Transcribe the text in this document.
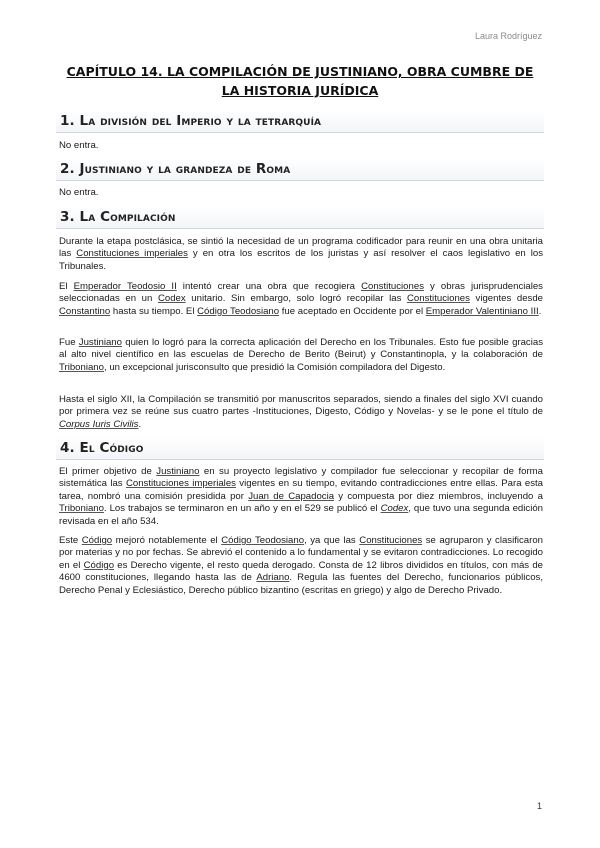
Laura Rodríguez
CAPÍTULO 14. LA COMPILACIÓN DE JUSTINIANO, OBRA CUMBRE DE LA HISTORIA JURÍDICA
1. La división del Imperio y la tetrarquía
No entra.
2. Justiniano y la grandeza de Roma
No entra.
3. La Compilación
Durante la etapa postclásica, se sintió la necesidad de un programa codificador para reunir en una obra unitaria las Constituciones imperiales y en otra los escritos de los juristas y así resolver el caos legislativo en los Tribunales.
El Emperador Teodosio II intentó crear una obra que recogiera Constituciones y obras jurisprudenciales seleccionadas en un Codex unitario. Sin embargo, solo logró recopilar las Constituciones vigentes desde Constantino hasta su tiempo. El Código Teodosiano fue aceptado en Occidente por el Emperador Valentiniano III.
Fue Justiniano quien lo logró para la correcta aplicación del Derecho en los Tribunales. Esto fue posible gracias al alto nivel científico en las escuelas de Derecho de Berito (Beirut) y Constantinopla, y la colaboración de Triboniano, un excepcional jurisconsulto que presidió la Comisión compiladora del Digesto.
Hasta el siglo XII, la Compilación se transmitió por manuscritos separados, siendo a finales del siglo XVI cuando por primera vez se reúne sus cuatro partes -Instituciones, Digesto, Código y Novelas- y se le pone el título de Corpus Iuris Civilis.
4. El Código
El primer objetivo de Justiniano en su proyecto legislativo y compilador fue seleccionar y recopilar de forma sistemática las Constituciones imperiales vigentes en su tiempo, evitando contradicciones entre ellas. Para esta tarea, nombró una comisión presidida por Juan de Capadocia y compuesta por diez miembros, incluyendo a Triboniano. Los trabajos se terminaron en un año y en el 529 se publicó el Codex, que tuvo una segunda edición revisada en el año 534.
Este Código mejoró notablemente el Código Teodosiano, ya que las Constituciones se agruparon y clasificaron por materias y no por fechas. Se abrevió el contenido a lo fundamental y se evitaron contradicciones. Lo recogido en el Código es Derecho vigente, el resto queda derogado. Consta de 12 libros divididos en títulos, con más de 4600 constituciones, llegando hasta las de Adriano. Regula las fuentes del Derecho, funcionarios públicos, Derecho Penal y Eclesiástico, Derecho público bizantino (escritas en griego) y algo de Derecho Privado.
1
